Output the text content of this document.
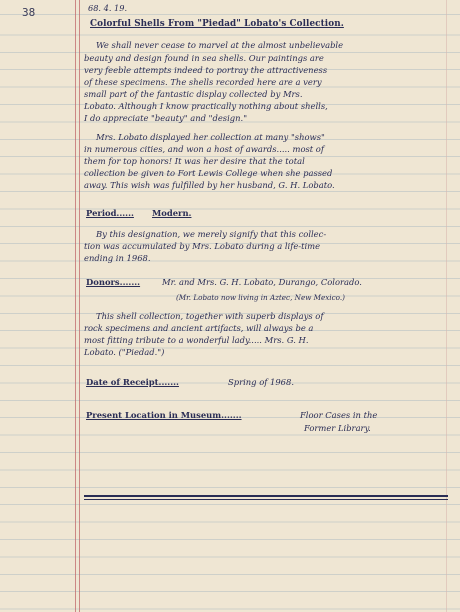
38	68. 4. 19.
Colorful Shells From "Piedad" Lobato's Collection.
We shall never cease to marvel at the almost unbelievable
beauty and design found in sea shells. Our paintings are
very feeble attempts indeed to portray the attractiveness
of these specimens. The shells recorded here are a very
small part of the fantastic display collected by Mrs.
Lobato. Although I know practically nothing about shells,
I do appreciate "beauty" and "design."
Mrs. Lobato displayed her collection at many "shows"
in numerous cities, and won a host of awards..... most of
them for top honors! It was her desire that the total
collection be given to Fort Lewis College when she passed
away. This wish was fulfilled by her husband, G. H. Lobato.
Period...... Modern.
By this designation, we merely signify that this collec-
tion was accumulated by Mrs. Lobato during a life-time
ending in 1968.
Donors.......	Mr. and Mrs. G. H. Lobato, Durango, Colorado.
(Mr. Lobato now living in Aztec, New Mexico.)
This shell collection, together with superb displays of
rock specimens and ancient artifacts, will always be a
most fitting tribute to a wonderful lady..... Mrs. G. H.
Lobato. ("Piedad.")
Date of Receipt.......	Spring of 1968.
Present Location in Museum.......	Floor Cases in the
Former Library.
